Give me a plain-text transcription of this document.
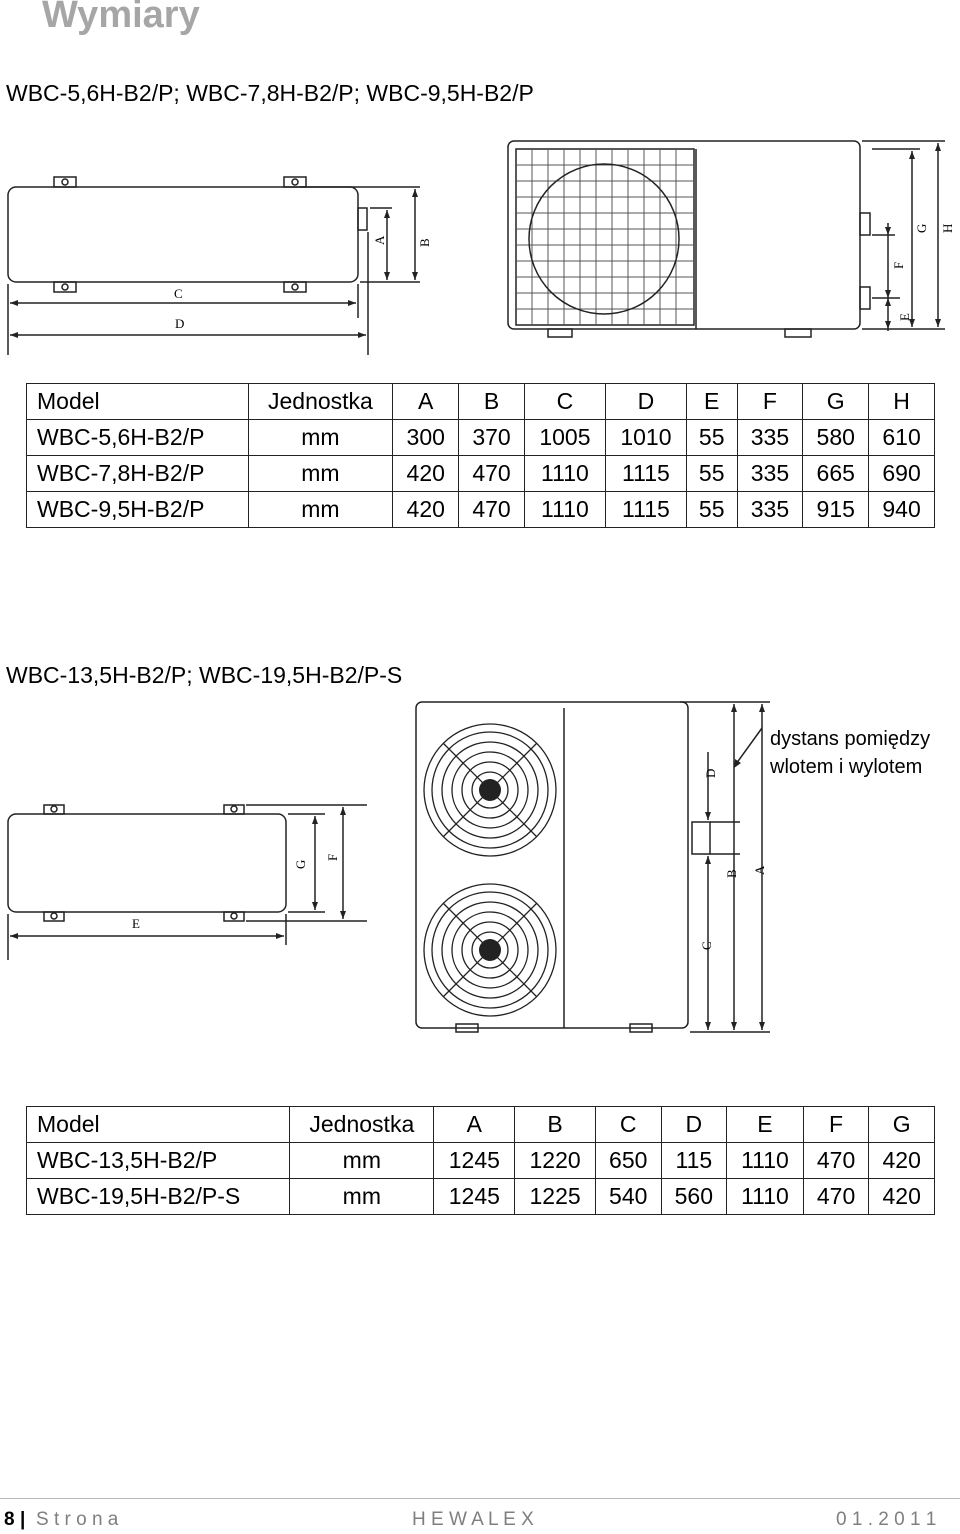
Wymiary
WBC-5,6H-B2/P; WBC-7,8H-B2/P; WBC-9,5H-B2/P
A B
C
D	E
F
G H
Model	Jednostka	A	B	C	D	E	F	G	H
WBC-5,6H-B2/P	mm	300	370	1005	1010	55	335	580	610
WBC-7,8H-B2/P	mm	420	470	1110	1115	55	335	665	690
WBC-9,5H-B2/P	mm	420	470	1110	1115	55	335	915	940
WBC-13,5H-B2/P; WBC-19,5H-B2/P-S
G
F
E
D
C
B A
dystans pomiędzy
wlotem i wylotem
Model	Jednostka	A	B	C	D	E	F	G
WBC-13,5H-B2/P	mm	1245	1220	650	115	1110	470	420
WBC-19,5H-B2/P-S	mm	1245	1225	540	560	1110	470	420
8 | S t r o n a	H E W A L E X	0 1 . 2 0 1 1
